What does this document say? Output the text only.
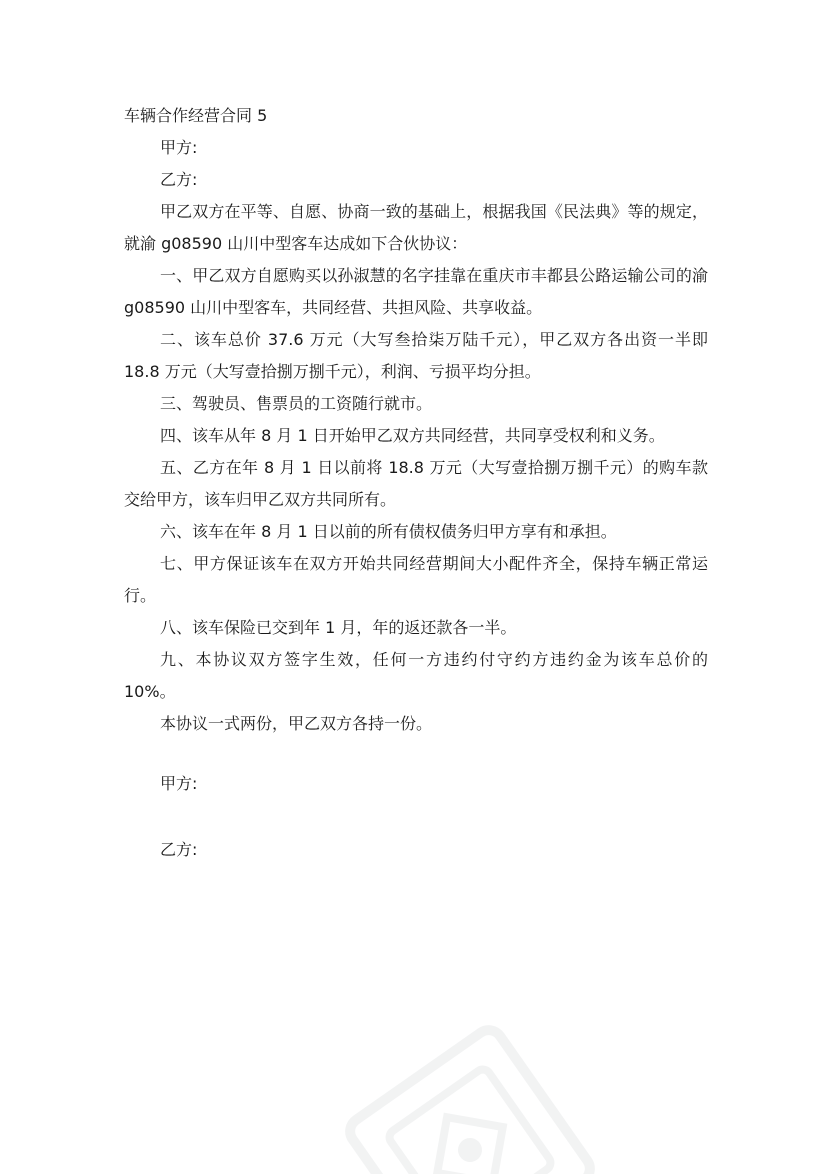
车辆合作经营合同 5

甲方:

乙方:

甲乙双方在平等、自愿、协商一致的基础上，根据我国《民法典》等的规定，就渝 g08590 山川中型客车达成如下合伙协议：

一、甲乙双方自愿购买以孙淑慧的名字挂靠在重庆市丰都县公路运输公司的渝 g08590 山川中型客车，共同经营、共担风险、共享收益。

二、该车总价 37.6 万元（大写叁拾柒万陆千元），甲乙双方各出资一半即 18.8 万元（大写壹拾捌万捌千元），利润、亏损平均分担。

三、驾驶员、售票员的工资随行就市。

四、该车从年 8 月 1 日开始甲乙双方共同经营，共同享受权利和义务。

五、乙方在年 8 月 1 日以前将 18.8 万元（大写壹拾捌万捌千元）的购车款交给甲方，该车归甲乙双方共同所有。

六、该车在年 8 月 1 日以前的所有债权债务归甲方享有和承担。

七、甲方保证该车在双方开始共同经营期间大小配件齐全，保持车辆正常运行。

八、该车保险已交到年 1 月，年的返还款各一半。

九、本协议双方签字生效，任何一方违约付守约方违约金为该车总价的 10%。

本协议一式两份，甲乙双方各持一份。

甲方:

乙方:
